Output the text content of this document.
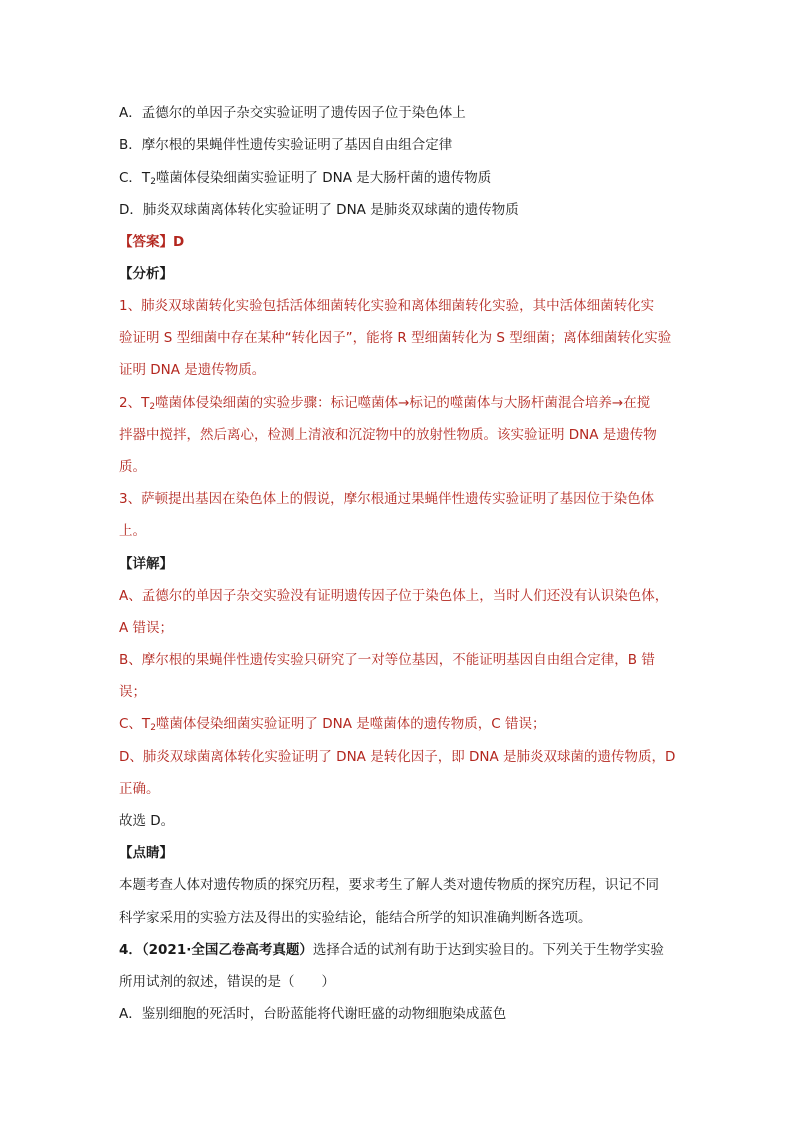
A．孟德尔的单因子杂交实验证明了遗传因子位于染色体上
B．摩尔根的果蝇伴性遗传实验证明了基因自由组合定律
C．$T_2$噬菌体侵染细菌实验证明了 DNA 是大肠杆菌的遗传物质
D．肺炎双球菌离体转化实验证明了 DNA 是肺炎双球菌的遗传物质
【答案】D
【分析】
1、肺炎双球菌转化实验包括活体细菌转化实验和离体细菌转化实验，其中活体细菌转化实
验证明 S 型细菌中存在某种“转化因子”，能将 R 型细菌转化为 S 型细菌；离体细菌转化实验
证明 DNA 是遗传物质。
2、$T_2$噬菌体侵染细菌的实验步骤：标记噬菌体→标记的噬菌体与大肠杆菌混合培养→在搅
拌器中搅拌，然后离心，检测上清液和沉淀物中的放射性物质。该实验证明 DNA 是遗传物
质。
3、萨顿提出基因在染色体上的假说，摩尔根通过果蝇伴性遗传实验证明了基因位于染色体
上。
【详解】
A、孟德尔的单因子杂交实验没有证明遗传因子位于染色体上，当时人们还没有认识染色体，
A 错误；
B、摩尔根的果蝇伴性遗传实验只研究了一对等位基因，不能证明基因自由组合定律，B 错
误；
C、$T_2$噬菌体侵染细菌实验证明了 DNA 是噬菌体的遗传物质，C 错误；
D、肺炎双球菌离体转化实验证明了 DNA 是转化因子，即 DNA 是肺炎双球菌的遗传物质，D
正确。
故选 D。
【点睛】
本题考查人体对遗传物质的探究历程，要求考生了解人类对遗传物质的探究历程，识记不同
科学家采用的实验方法及得出的实验结论，能结合所学的知识准确判断各选项。
4．（2021·全国乙卷高考真题）选择合适的试剂有助于达到实验目的。下列关于生物学实验
所用试剂的叙述，错误的是（　　）
A．鉴别细胞的死活时，台盼蓝能将代谢旺盛的动物细胞染成蓝色
